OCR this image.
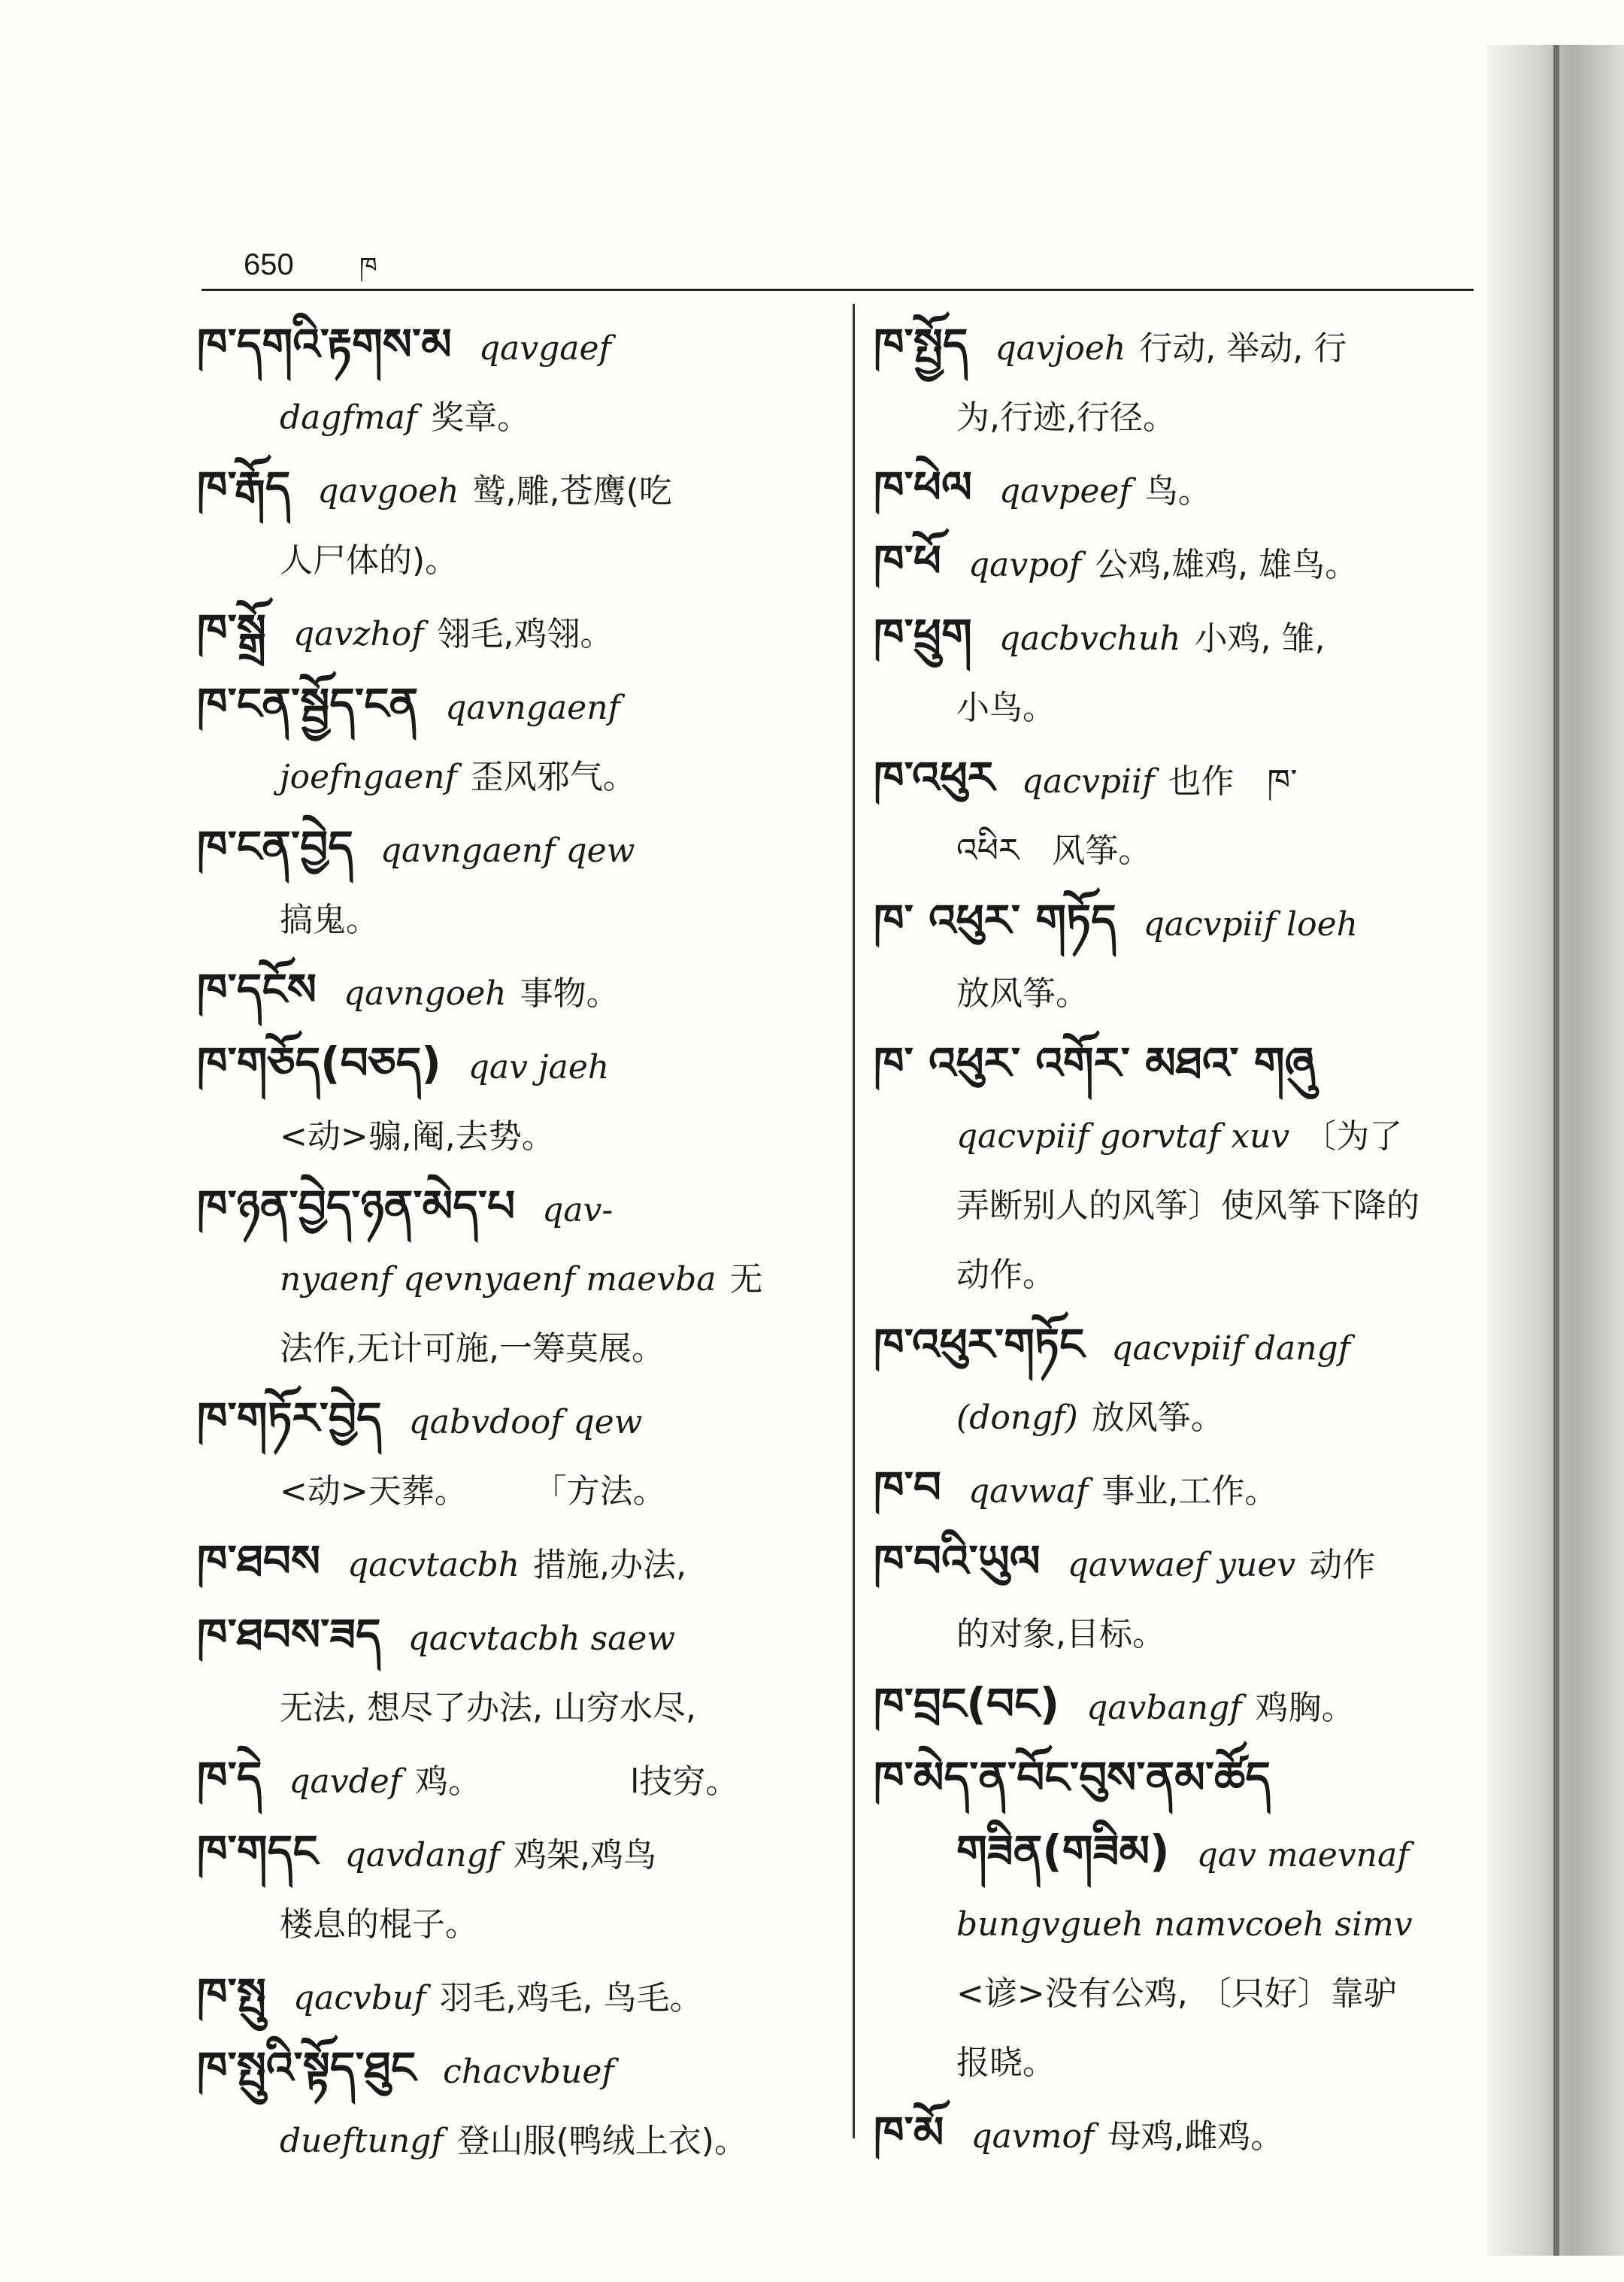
650	ཁ
ཁ་དགའི་རྟགས་མ qavgaef
dagfmaf 奖章。
ཁ་རྒོད qavgoeh 鹫,雕,苍鹰(吃
人尸体的)。
ཁ་སྒྲོ qavzhof 翎毛,鸡翎。
ཁ་ངན་སྦྱོད་ངན qavngaenf
joefngaenf 歪风邪气。
ཁ་ངན་བྱེད qavngaenf qew
搞鬼。
ཁ་དངོས qavngoeh 事物。
ཁ་གཅོད(བཅད) qav jaeh
<动>骟,阉,去势。
ཁ་ཉན་བྱེད་ཉན་མེད་པ qav-
nyaenf qevnyaenf maevba 无
法作,无计可施,一筹莫展。
ཁ་གཏོར་བྱེད qabvdoof qew
<动>天葬。　　　「方法。
ཁ་ཐབས qacvtacbh 措施,办法,
ཁ་ཐབས་ཟད qacvtacbh saew
无法, 想尽了办法, 山穷水尽,
ཁ་དེ qavdef 鸡。　　　　　l技穷。
ཁ་གདང qavdangf 鸡架,鸡鸟
楼息的棍子。
ཁ་སྤུ qacvbuf 羽毛,鸡毛, 鸟毛。
ཁ་སྤུའི་སྟོད་ཐུང chacvbuef
dueftungf 登山服(鸭绒上衣)。
ཁ་སྤྱོད qavjoeh 行动, 举动, 行
为,行迹,行径。
ཁ་ཕེལ qavpeef 鸟。
ཁ་ཕོ qavpof 公鸡,雄鸡, 雄鸟。
ཁ་ཕྲུག qacbvchuh 小鸡, 雏,
小鸟。
ཁ་འཕུར qacvpiif 也作　ཁ་
འཕིར　风筝。
ཁ་ འཕུར་ གཏོད qacvpiif loeh
放风筝。
ཁ་ འཕུར་ འགོར་ མཐའ་ གཞུ
qacvpiif gorvtaf xuv 〔为了
弄断别人的风筝〕使风筝下降的
动作。
ཁ་འཕུར་གཏོང qacvpiif dangf
(dongf) 放风筝。
ཁ་བ qavwaf 事业,工作。
ཁ་བའི་ཡུལ qavwaef yuev 动作
的对象,目标。
ཁ་བྲང(བང) qavbangf 鸡胸。
ཁ་མེད་ན་བོང་བུས་ནམ་ཚོད
གཟིན(གཟིམ) qav maevnaf
bungvgueh namvcoeh simv
<谚>没有公鸡, 〔只好〕靠驴
报晓。
ཁ་མོ qavmof 母鸡,雌鸡。
